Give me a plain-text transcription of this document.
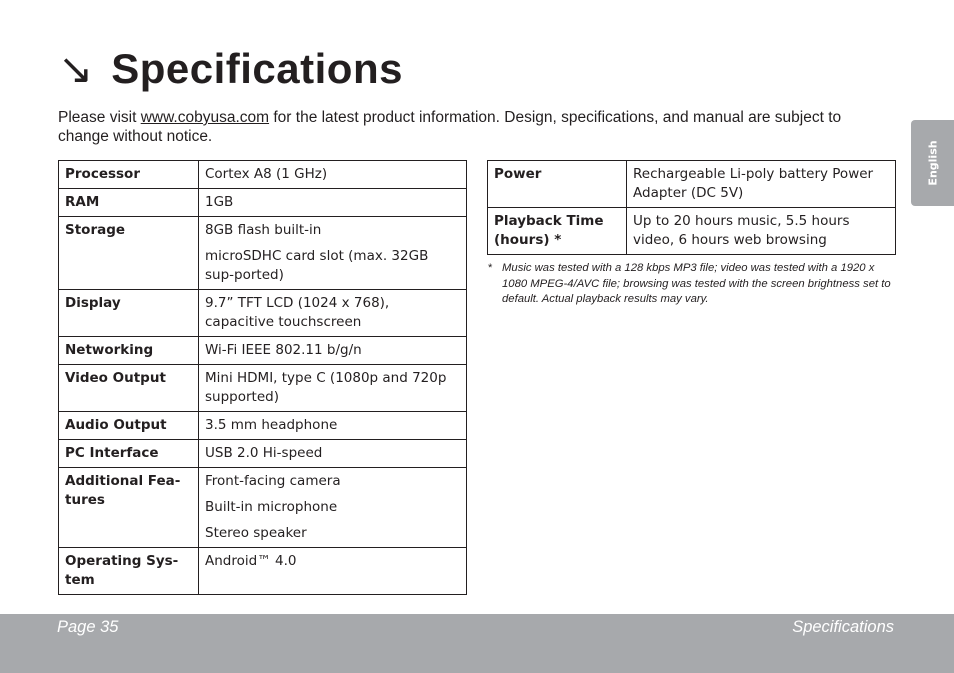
↘ Specifications
Please visit www.cobyusa.com for the latest product information. Design, specifications, and manual are subject to change without notice.
Processor	Cortex A8 (1 GHz)

RAM	1GB

Storage	8GB flash built-in

microSDHC card slot (max. 32GB sup-ported)

Display	9.7” TFT LCD (1024 x 768), capacitive touchscreen

Networking	Wi-Fi IEEE 802.11 b/g/n

Video Output	Mini HDMI, type C (1080p and 720p supported)

Audio Output	3.5 mm headphone

PC Interface	USB 2.0 Hi-speed

Additional Fea-tures	Front-facing camera

Built-in microphone

Stereo speaker

Operating Sys-tem	Android™ 4.0

Power	Rechargeable Li-poly battery Power Adapter (DC 5V)

Playback Time (hours) *	Up to 20 hours music, 5.5 hours video, 6 hours web browsing

* Music was tested with a 128 kbps MP3 file; video was tested with a 1920 x 1080 MPEG-4/AVC file; browsing was tested with the screen brightness set to default. Actual playback results may vary.
English
Page 35	Specifications
